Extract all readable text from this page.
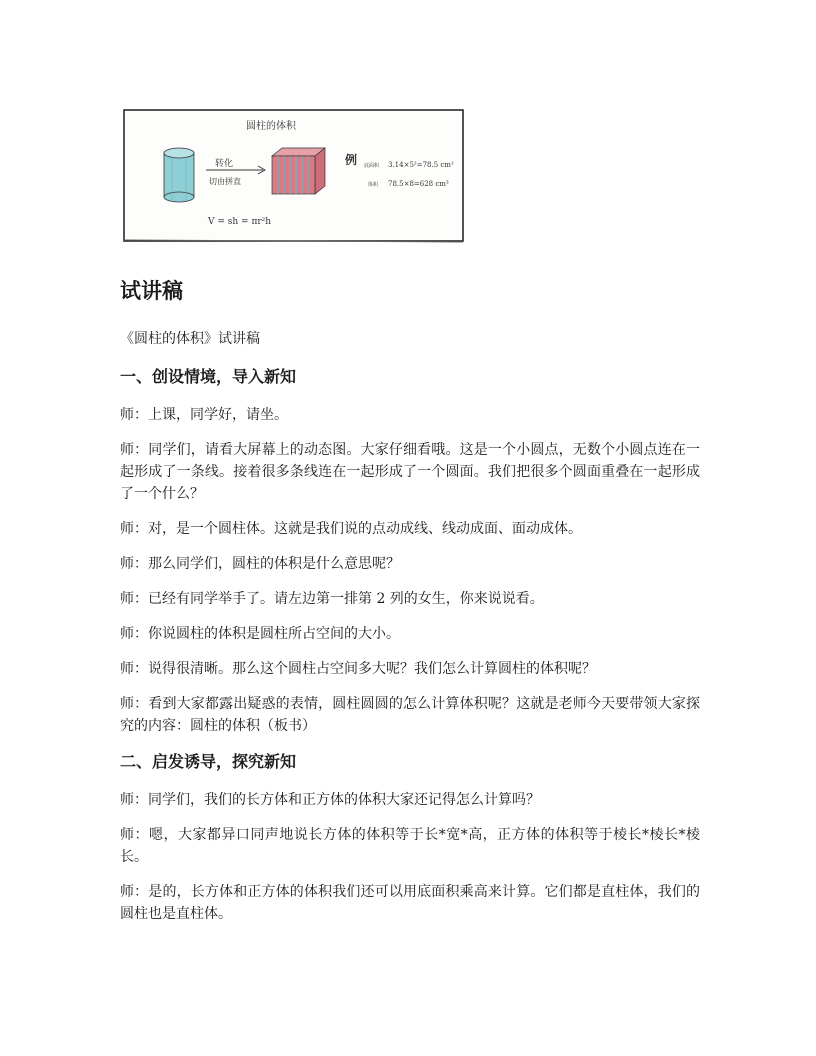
圆柱的体积
转化
切由拼直
例 底面积 3.14×5²=78.5 cm²
体积 78.5×8=628 cm³
V = sh = πr²h
试讲稿

《圆柱的体积》试讲稿

一、创设情境，导入新知

师：上课，同学好，请坐。

师：同学们，请看大屏幕上的动态图。大家仔细看哦。这是一个小圆点，无数个小圆点连在一起形成了一条线。接着很多条线连在一起形成了一个圆面。我们把很多个圆面重叠在一起形成了一个什么？

师：对，是一个圆柱体。这就是我们说的点动成线、线动成面、面动成体。

师：那么同学们，圆柱的体积是什么意思呢？

师：已经有同学举手了。请左边第一排第 2 列的女生，你来说说看。

师：你说圆柱的体积是圆柱所占空间的大小。

师：说得很清晰。那么这个圆柱占空间多大呢？我们怎么计算圆柱的体积呢？

师：看到大家都露出疑惑的表情，圆柱圆圆的怎么计算体积呢？这就是老师今天要带领大家探究的内容：圆柱的体积（板书）

二、启发诱导，探究新知

师：同学们，我们的长方体和正方体的体积大家还记得怎么计算吗？

师：嗯，大家都异口同声地说长方体的体积等于长*宽*高，正方体的体积等于棱长*棱长*棱长。

师：是的，长方体和正方体的体积我们还可以用底面积乘高来计算。它们都是直柱体，我们的圆柱也是直柱体。
